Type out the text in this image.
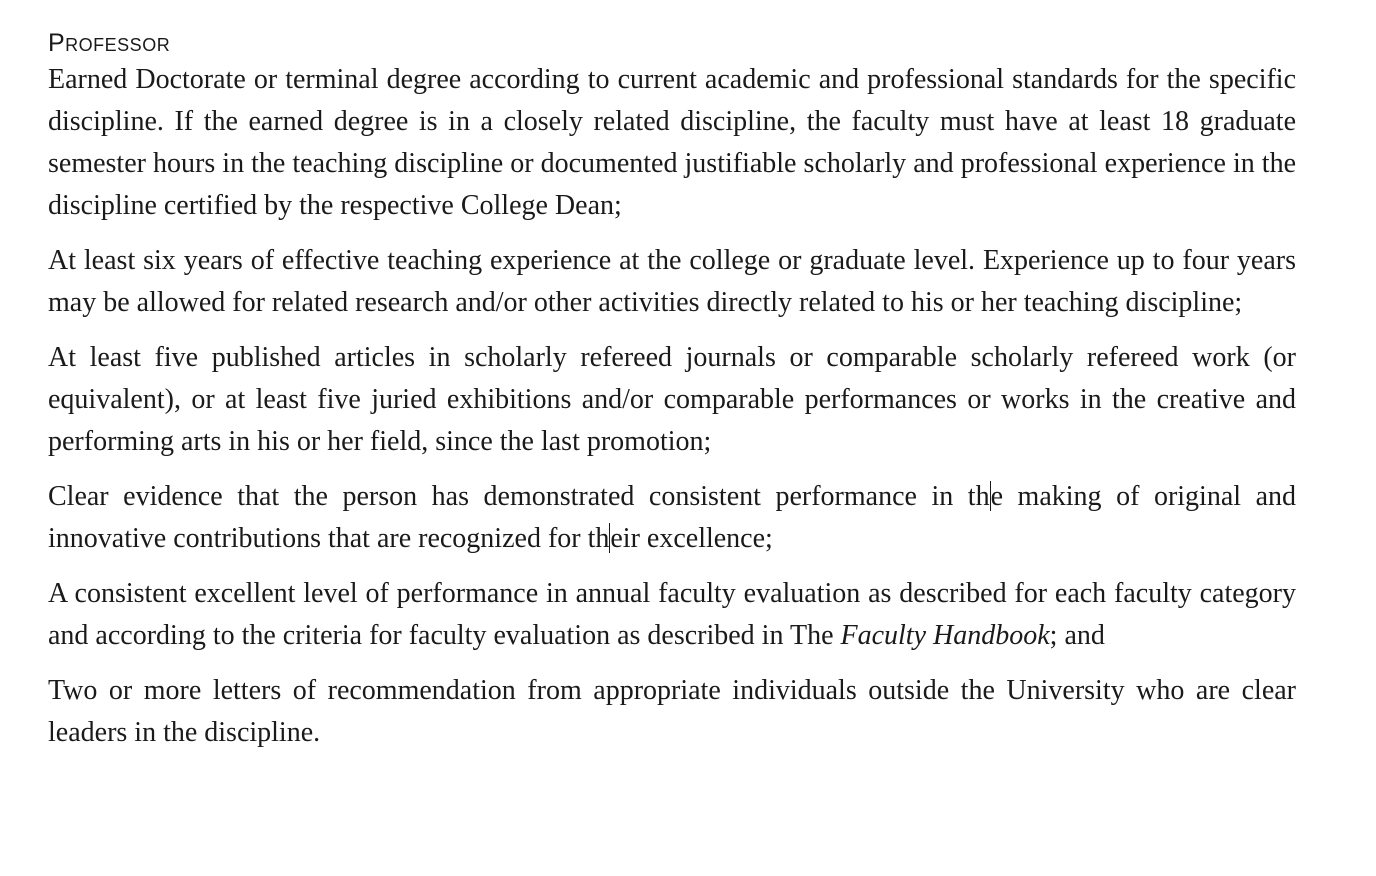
Professor

Earned Doctorate or terminal degree according to current academic and professional standards for the specific discipline. If the earned degree is in a closely related discipline, the faculty must have at least 18 graduate semester hours in the teaching discipline or documented justifiable scholarly and professional experience in the discipline certified by the respective College Dean;

At least six years of effective teaching experience at the college or graduate level. Experience up to four years may be allowed for related research and/or other activities directly related to his or her teaching discipline;

At least five published articles in scholarly refereed journals or comparable scholarly refereed work (or equivalent), or at least five juried exhibitions and/or comparable performances or works in the creative and performing arts in his or her field, since the last promotion;

Clear evidence that the person has demonstrated consistent performance in the making of original and innovative contributions that are recognized for their excellence;

A consistent excellent level of performance in annual faculty evaluation as described for each faculty category and according to the criteria for faculty evaluation as described in The Faculty Handbook; and

Two or more letters of recommendation from appropriate individuals outside the University who are clear leaders in the discipline.
